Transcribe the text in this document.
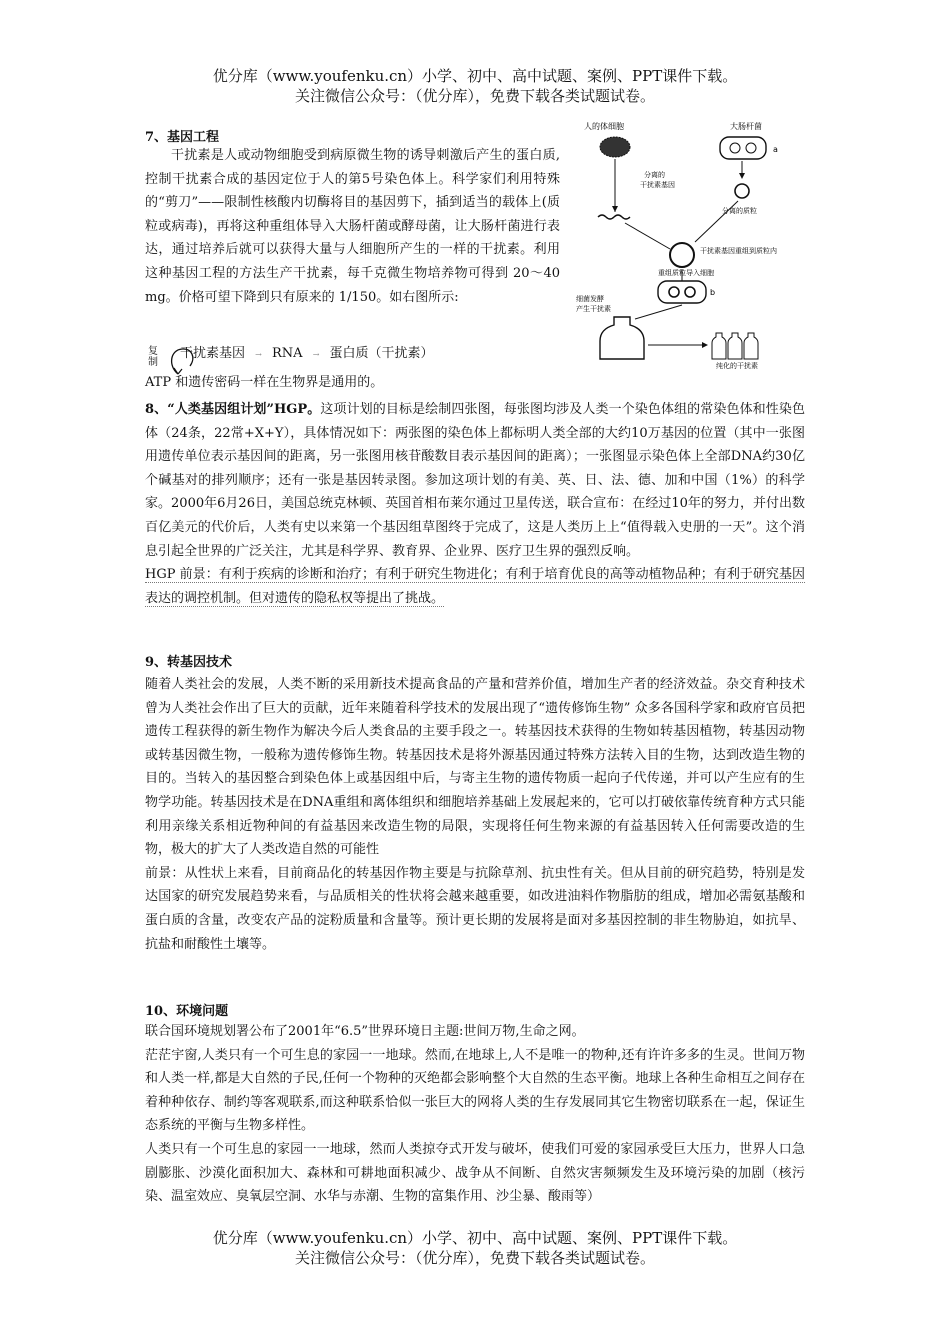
优分库（www.youfenku.cn）小学、初中、高中试题、案例、PPT课件下载。
关注微信公众号：（优分库），免费下载各类试题试卷。
7、基因工程

干扰素是人或动物细胞受到病原微生物的诱导刺激后产生的蛋白质,控制干扰素合成的基因定位于人的第5号染色体上。科学家们利用特殊的“剪刀”——限制性核酸内切酶将目的基因剪下，插到适当的载体上(质粒或病毒)，再将这种重组体导入大肠杆菌或酵母菌，让大肠杆菌进行表达，通过培养后就可以获得大量与人细胞所产生的一样的干扰素。利用这种基因工程的方法生产干扰素，每千克微生物培养物可得到 20～40 mg。价格可望下降到只有原来的 1/150。如右图所示:

复制
干扰素基因 → RNA → 蛋白质（干扰素）
ATP 和遗传密码一样在生物界是通用的。
人的体细胞	大肠杆菌
a
分离的
干扰素基因
分离的质粒
干扰素基因重组到质粒内
重组质粒导入细胞
b
细菌发酵
产生干扰素
纯化的干扰素

8、“人类基因组计划”HGP。这项计划的目标是绘制四张图，每张图均涉及人类一个染色体组的常染色体和性染色体（24条，22常+X+Y），具体情况如下：两张图的染色体上都标明人类全部的大约10万基因的位置（其中一张图用遗传单位表示基因间的距离，另一张图用核苷酸数目表示基因间的距离）；一张图显示染色体上全部DNA约30亿个碱基对的排列顺序；还有一张是基因转录图。参加这项计划的有美、英、日、法、德、加和中国（1%）的科学家。2000年6月26日，美国总统克林顿、英国首相布莱尔通过卫星传送，联合宣布：在经过10年的努力，并付出数百亿美元的代价后，人类有史以来第一个基因组草图终于完成了，这是人类历上上“值得载入史册的一天”。这个消息引起全世界的广泛关注，尤其是科学界、教育界、企业界、医疗卫生界的强烈反响。

HGP 前景：有利于疾病的诊断和治疗；有利于研究生物进化；有利于培育优良的高等动植物品种；有利于研究基因表达的调控机制。但对遗传的隐私权等提出了挑战。

9、转基因技术

随着人类社会的发展，人类不断的采用新技术提高食品的产量和营养价值，增加生产者的经济效益。杂交育种技术曾为人类社会作出了巨大的贡献，近年来随着科学技术的发展出现了“遗传修饰生物” 众多各国科学家和政府官员把遗传工程获得的新生物作为解决今后人类食品的主要手段之一。转基因技术获得的生物如转基因植物，转基因动物或转基因微生物，一般称为遗传修饰生物。转基因技术是将外源基因通过特殊方法转入目的生物，达到改造生物的目的。当转入的基因整合到染色体上或基因组中后，与寄主生物的遗传物质一起向子代传递，并可以产生应有的生物学功能。转基因技术是在DNA重组和离体组织和细胞培养基础上发展起来的，它可以打破依靠传统育种方式只能利用亲缘关系相近物种间的有益基因来改造生物的局限，实现将任何生物来源的有益基因转入任何需要改造的生物，极大的扩大了人类改造自然的可能性

前景：从性状上来看，目前商品化的转基因作物主要是与抗除草剂、抗虫性有关。但从目前的研究趋势，特别是发达国家的研究发展趋势来看，与品质相关的性状将会越来越重要，如改进油料作物脂肪的组成，增加必需氨基酸和蛋白质的含量，改变农产品的淀粉质量和含量等。预计更长期的发展将是面对多基因控制的非生物胁迫，如抗旱、抗盐和耐酸性土壤等。

10、环境问题

联合国环境规划署公布了2001年“6.5”世界环境日主题:世间万物,生命之网。

茫茫宇窗,人类只有一个可生息的家园一一地球。然而,在地球上,人不是唯一的物种,还有许许多多的生灵。世间万物和人类一样,都是大自然的子民,任何一个物种的灭绝都会影响整个大自然的生态平衡。地球上各种生命相互之间存在着种种依存、制约等客观联系,而这种联系恰似一张巨大的网将人类的生存发展同其它生物密切联系在一起，保证生态系统的平衡与生物多样性。

人类只有一个可生息的家园一一地球，然而人类掠夺式开发与破坏，使我们可爱的家园承受巨大压力，世界人口急剧膨胀、沙漠化面积加大、森林和可耕地面积减少、战争从不间断、自然灾害频频发生及环境污染的加剧（核污染、温室效应、臭氧层空洞、水华与赤潮、生物的富集作用、沙尘暴、酸雨等）

优分库（www.youfenku.cn）小学、初中、高中试题、案例、PPT课件下载。
关注微信公众号：（优分库），免费下载各类试题试卷。
